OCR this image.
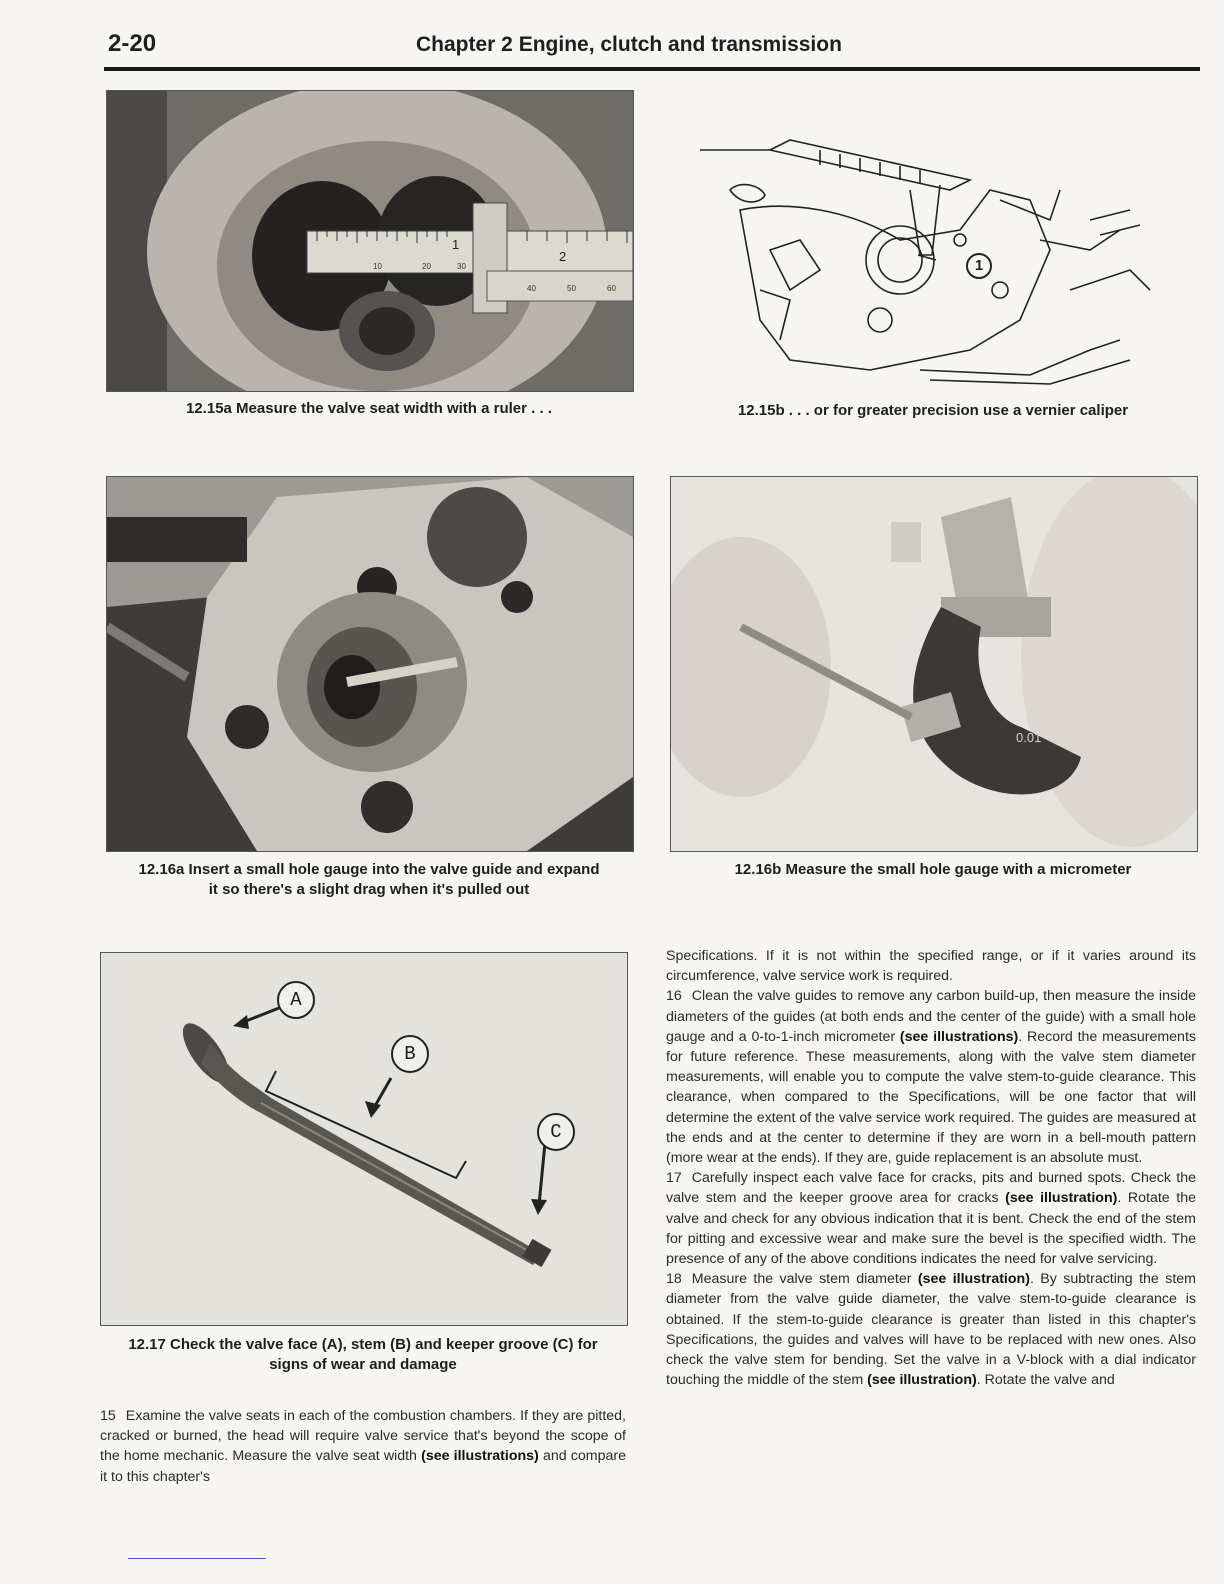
2-20	Chapter 2 Engine, clutch and transmission
1
2
10	20	30
40	50	60
12.15a Measure the valve seat width with a ruler . . .
1
12.15b . . . or for greater precision use a vernier caliper
12.16a Insert a small hole gauge into the valve guide and expand
it so there's a slight drag when it's pulled out
0.01
12.16b Measure the small hole gauge with a micrometer
A
B
C
12.17 Check the valve face (A), stem (B) and keeper groove (C) for
signs of wear and damage

15 Examine the valve seats in each of the combustion chambers. If they are pitted, cracked or burned, the head will require valve service that's beyond the scope of the home mechanic. Measure the valve seat width (see illustrations) and compare it to this chapter's

Specifications. If it is not within the specified range, or if it varies around its circumference, valve service work is required.

16 Clean the valve guides to remove any carbon build-up, then measure the inside diameters of the guides (at both ends and the center of the guide) with a small hole gauge and a 0-to-1-inch micrometer (see illustrations). Record the measurements for future reference. These measurements, along with the valve stem diameter measurements, will enable you to compute the valve stem-to-guide clearance. This clearance, when compared to the Specifications, will be one factor that will determine the extent of the valve service work required. The guides are measured at the ends and at the center to determine if they are worn in a bell-mouth pattern (more wear at the ends). If they are, guide replacement is an absolute must.

17 Carefully inspect each valve face for cracks, pits and burned spots. Check the valve stem and the keeper groove area for cracks (see illustration). Rotate the valve and check for any obvious indication that it is bent. Check the end of the stem for pitting and excessive wear and make sure the bevel is the specified width. The presence of any of the above conditions indicates the need for valve servicing.

18 Measure the valve stem diameter (see illustration). By subtracting the stem diameter from the valve guide diameter, the valve stem-to-guide clearance is obtained. If the stem-to-guide clearance is greater than listed in this chapter's Specifications, the guides and valves will have to be replaced with new ones. Also check the valve stem for bending. Set the valve in a V-block with a dial indicator touching the middle of the stem (see illustration). Rotate the valve and
